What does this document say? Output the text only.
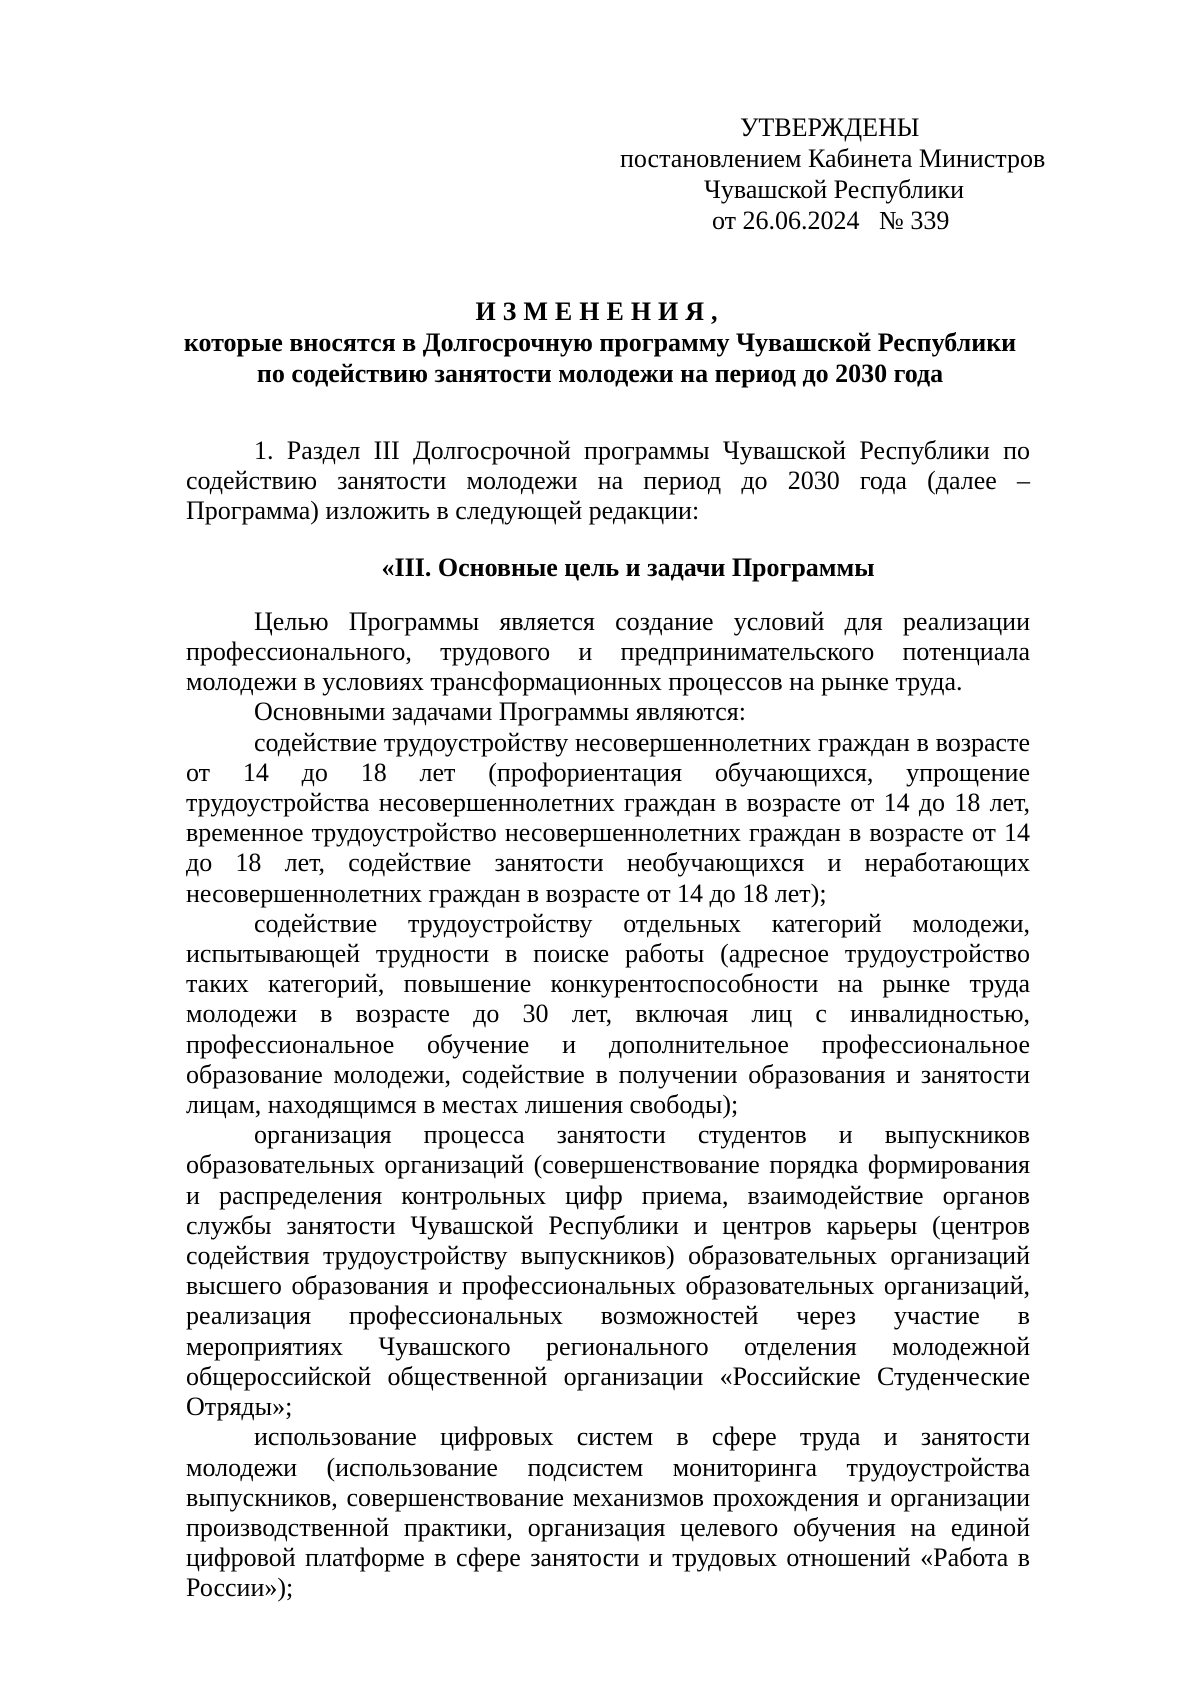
УТВЕРЖДЕНЫ
постановлением Кабинета Министров
Чувашской Республики
от 26.06.2024   № 339
ИЗМЕНЕНИЯ,
которые вносятся в Долгосрочную программу Чувашской Республики
по содействию занятости молодежи на период до 2030 года

1. Раздел III Долгосрочной программы Чувашской Республики по содействию занятости молодежи на период до 2030 года (далее – Программа) изложить в следующей редакции:

«III. Основные цель и задачи Программы

Целью Программы является создание условий для реализации профессионального, трудового и предпринимательского потенциала молодежи в условиях трансформационных процессов на рынке труда.

Основными задачами Программы являются:

содействие трудоустройству несовершеннолетних граждан в возрасте от 14 до 18 лет (профориентация обучающихся, упрощение трудоустройства несовершеннолетних граждан в возрасте от 14 до 18 лет, временное трудоустройство несовершеннолетних граждан в возрасте от 14 до 18 лет, содействие занятости необучающихся и неработающих несовершеннолетних граждан в возрасте от 14 до 18 лет);

содействие трудоустройству отдельных категорий молодежи, испытывающей трудности в поиске работы (адресное трудоустройство таких категорий, повышение конкурентоспособности на рынке труда молодежи в возрасте до 30 лет, включая лиц с инвалидностью, профессиональное обучение и дополнительное профессиональное образование молодежи, содействие в получении образования и занятости лицам, находящимся в местах лишения свободы);

организация процесса занятости студентов и выпускников образовательных организаций (совершенствование порядка формирования и распределения контрольных цифр приема, взаимодействие органов службы занятости Чувашской Республики и центров карьеры (центров содействия трудоустройству выпускников) образовательных организаций высшего образования и профессиональных образовательных организаций, реализация профессиональных возможностей через участие в мероприятиях Чувашского регионального отделения молодежной общероссийской общественной организации «Российские Студенческие Отряды»;

использование цифровых систем в сфере труда и занятости молодежи (использование подсистем мониторинга трудоустройства выпускников, совершенствование механизмов прохождения и организации производственной практики, организация целевого обучения на единой цифровой платформе в сфере занятости и трудовых отношений «Работа в России»);
